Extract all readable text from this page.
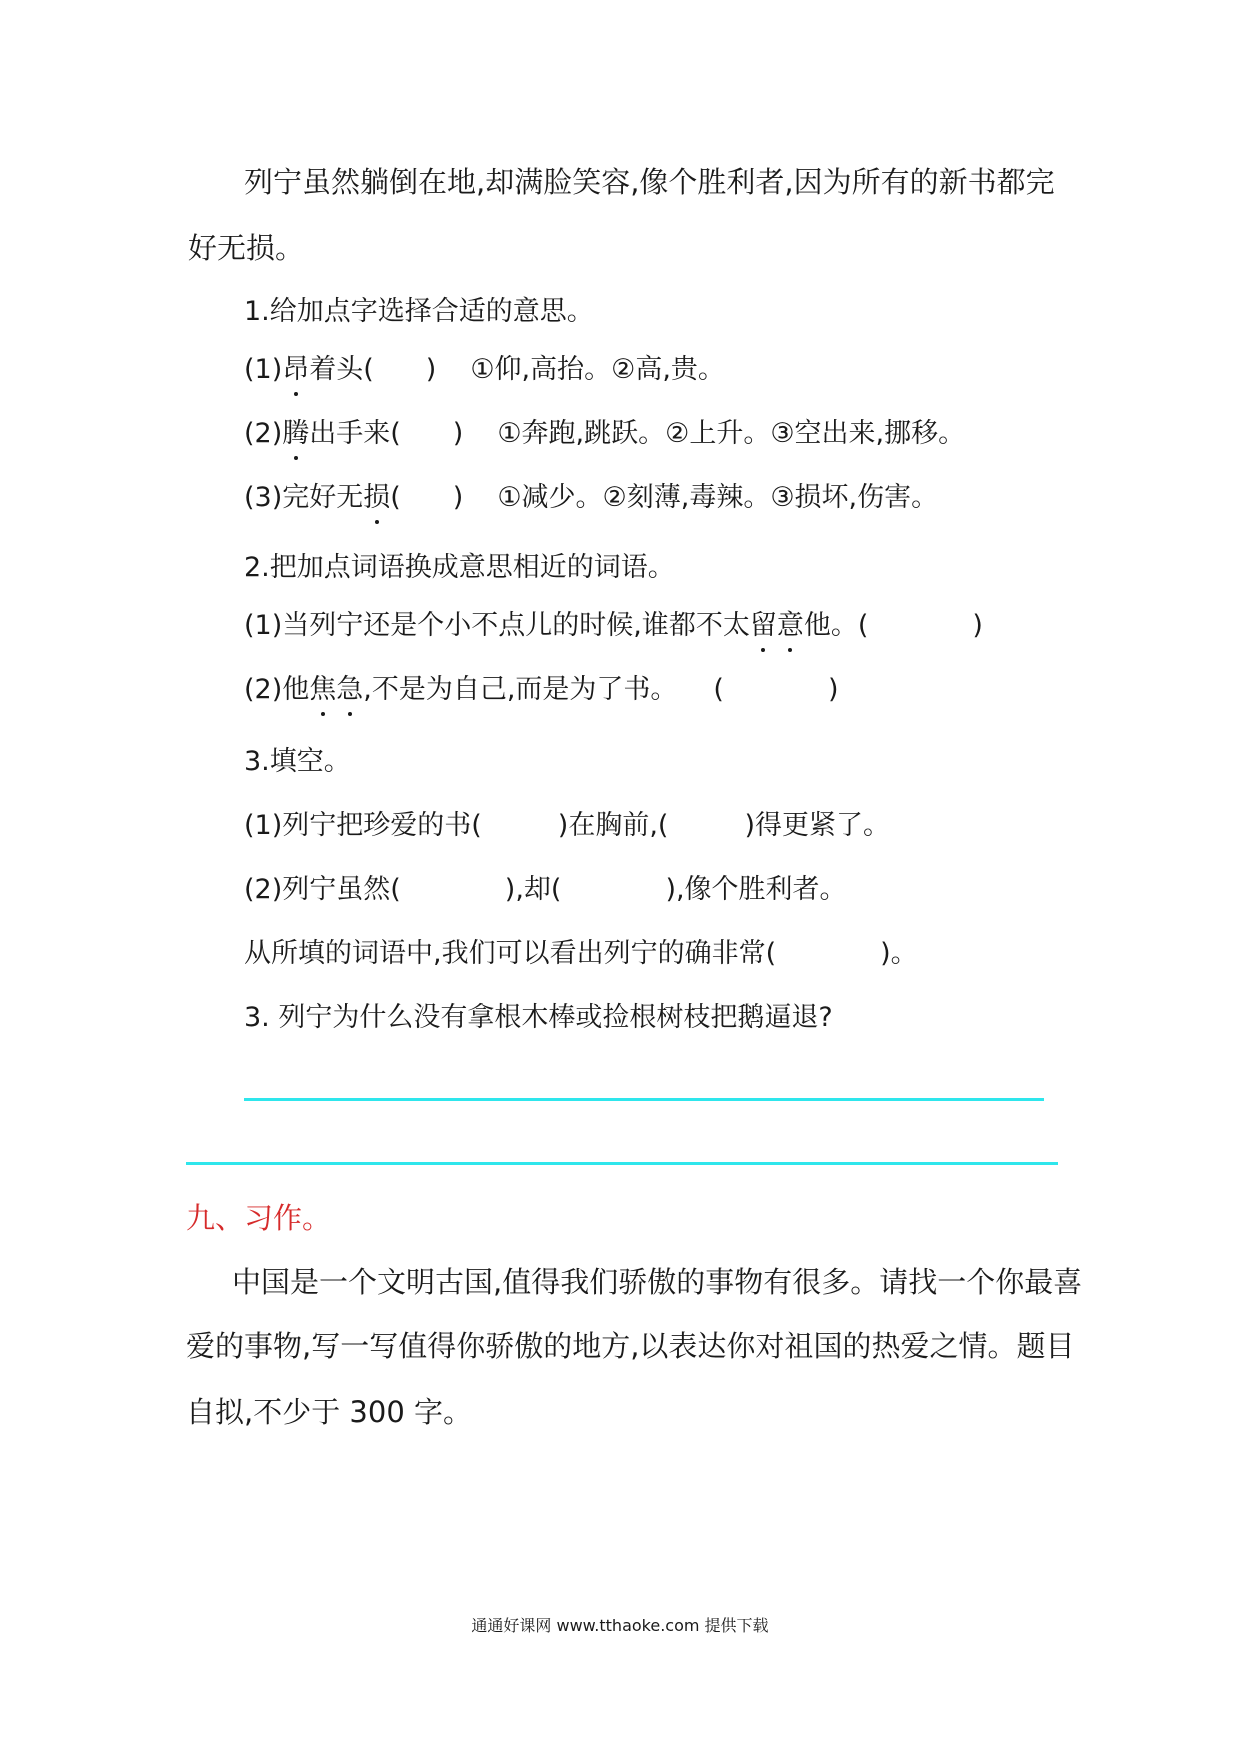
列宁虽然躺倒在地,却满脸笑容,像个胜利者,因为所有的新书都完
好无损。
1.给加点字选择合适的意思。
(1)昂着头( ) ①仰,高抬。②高,贵。
(2)腾出手来( ) ①奔跑,跳跃。②上升。③空出来,挪移。
(3)完好无损( ) ①减少。②刻薄,毒辣。③损坏,伤害。
2.把加点词语换成意思相近的词语。
(1)当列宁还是个小不点儿的时候,谁都不太留意他。(	)
(2)他焦急,不是为自己,而是为了书。 (	)
3.填空。
(1)列宁把珍爱的书(	)在胸前,(	)得更紧了。
(2)列宁虽然(	),却(	),像个胜利者。
从所填的词语中,我们可以看出列宁的确非常(	)。
3. 列宁为什么没有拿根木棒或捡根树枝把鹅逼退?
九、习作。
中国是一个文明古国,值得我们骄傲的事物有很多。请找一个你最喜
爱的事物,写一写值得你骄傲的地方,以表达你对祖国的热爱之情。题目
自拟,不少于 300 字。
通通好课网 www.tthaoke.com 提供下载
